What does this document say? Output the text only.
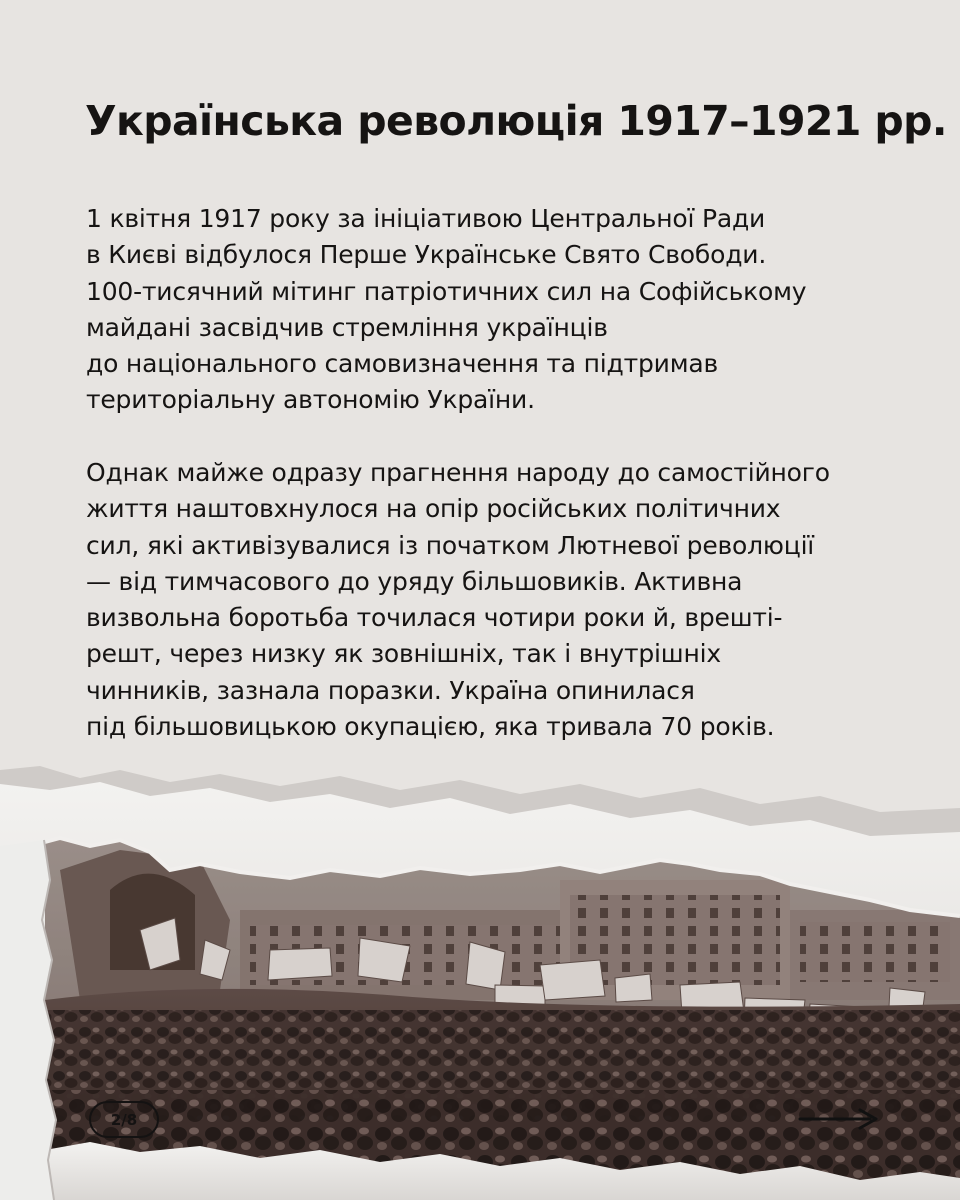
Українська революція 1917–1921 рр.

1 квітня 1917 року за ініціативою Центральної Ради
в Києві відбулося Перше Українське Свято Свободи.
100-тисячний мітинг патріотичних сил на Софійському
майдані засвідчив стремління українців
до національного самовизначення та підтримав
територіальну автономію України.

Однак майже одразу прагнення народу до самостійного
життя наштовхнулося на опір російських політичних
сил, які активізувалися із початком Лютневої революції
— від тимчасового до уряду більшовиків. Активна
визвольна боротьба точилася чотири роки й, врешті-
решт, через низку як зовнішніх, так і внутрішніх
чинників, зазнала поразки. Україна опинилася
під більшовицькою окупацією, яка тривала 70 років.

2/8
